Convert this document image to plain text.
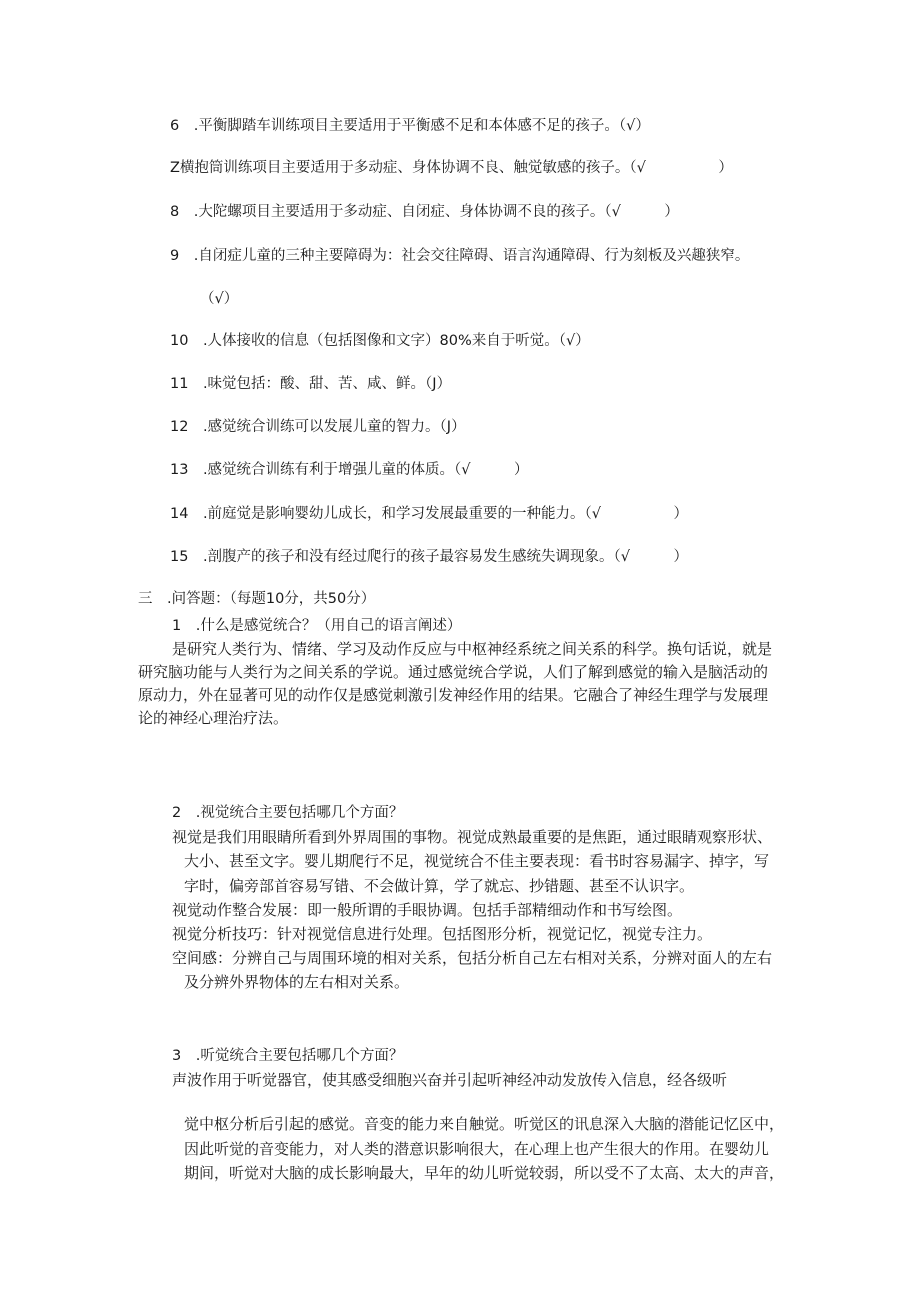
6　.平衡脚踏车训练项目主要适用于平衡感不足和本体感不足的孩子。（√）
Z横抱筒训练项目主要适用于多动症、身体协调不良、触觉敏感的孩子。（√　　　　　）
8　.大陀螺项目主要适用于多动症、自闭症、身体协调不良的孩子。（√　　　）
9　.自闭症儿童的三种主要障碍为：社会交往障碍、语言沟通障碍、行为刻板及兴趣狭窄。
（√）
10　.人体接收的信息（包括图像和文字）80%来自于听觉。（√）
11　.味觉包括：酸、甜、苦、咸、鲜。（J）
12　.感觉统合训练可以发展儿童的智力。（J）
13　.感觉统合训练有利于增强儿童的体质。（√　　　）
14　.前庭觉是影响婴幼儿成长，和学习发展最重要的一种能力。（√　　　　　）
15　.剖腹产的孩子和没有经过爬行的孩子最容易发生感统失调现象。（√　　　）
三　.问答题：（每题10分，共50分）
1　.什么是感觉统合？（用自己的语言阐述）
是研究人类行为、情绪、学习及动作反应与中枢神经系统之间关系的科学。换句话说，就是
研究脑功能与人类行为之间关系的学说。通过感觉统合学说，人们了解到感觉的输入是脑活动的
原动力，外在显著可见的动作仅是感觉刺激引发神经作用的结果。它融合了神经生理学与发展理
论的神经心理治疗法。
2　.视觉统合主要包括哪几个方面？
视觉是我们用眼睛所看到外界周围的事物。视觉成熟最重要的是焦距，通过眼睛观察形状、
大小、甚至文字。婴儿期爬行不足，视觉统合不佳主要表现：看书时容易漏字、掉字，写
字时，偏旁部首容易写错、不会做计算，学了就忘、抄错题、甚至不认识字。
视觉动作整合发展：即一般所谓的手眼协调。包括手部精细动作和书写绘图。
视觉分析技巧：针对视觉信息进行处理。包括图形分析，视觉记忆，视觉专注力。
空间感：分辨自己与周围环境的相对关系，包括分析自己左右相对关系，分辨对面人的左右
及分辨外界物体的左右相对关系。
3　.听觉统合主要包括哪几个方面？
声波作用于听觉器官，使其感受细胞兴奋并引起听神经冲动发放传入信息，经各级听
觉中枢分析后引起的感觉。音变的能力来自触觉。听觉区的讯息深入大脑的潜能记忆区中，
因此听觉的音变能力，对人类的潜意识影响很大，在心理上也产生很大的作用。在婴幼儿
期间，听觉对大脑的成长影响最大，早年的幼儿听觉较弱，所以受不了太高、太大的声音，
